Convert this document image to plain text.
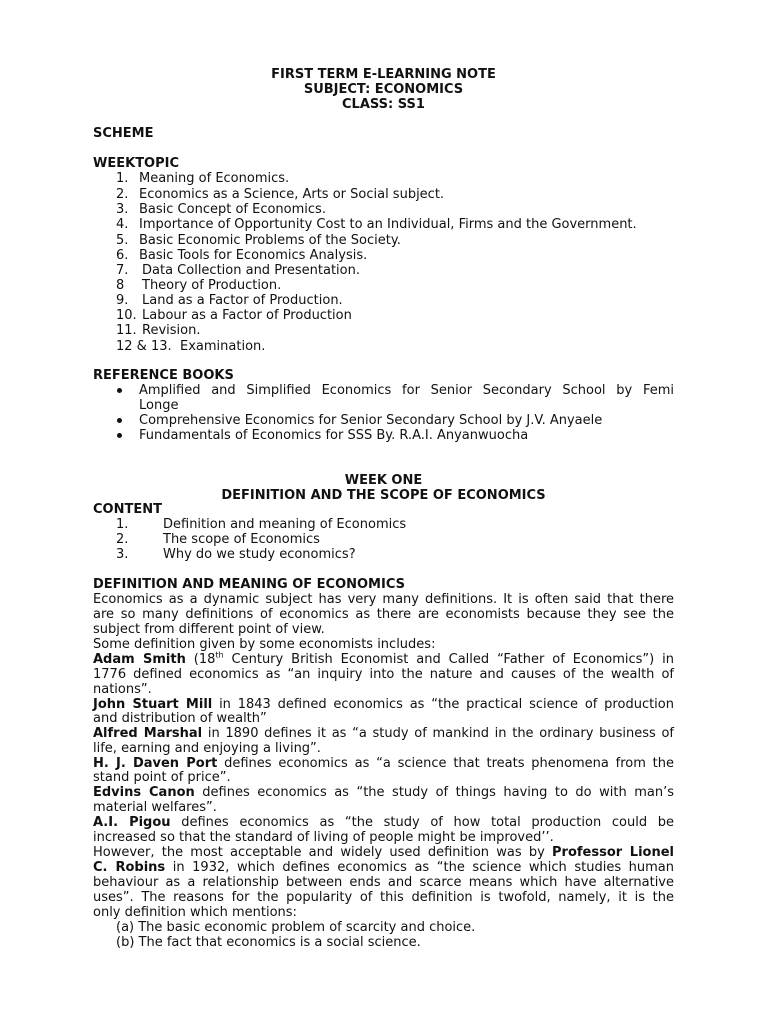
FIRST TERM E-LEARNING NOTE
SUBJECT: ECONOMICS
CLASS: SS1
SCHEME
WEEKTOPIC
1. Meaning of Economics.
2. Economics as a Science, Arts or Social subject.
3. Basic Concept of Economics.
4. Importance of Opportunity Cost to an Individual, Firms and the Government.
5. Basic Economic Problems of the Society.
6. Basic Tools for Economics Analysis.
7. Data Collection and Presentation.
8 Theory of Production.
9. Land as a Factor of Production.
10. Labour as a Factor of Production
11. Revision.
12 & 13. Examination.
REFERENCE BOOKS
Amplified and Simplified Economics for Senior Secondary School by Femi
Longe
Comprehensive Economics for Senior Secondary School by J.V. Anyaele
Fundamentals of Economics for SSS By. R.A.I. Anyanwuocha
WEEK ONE
DEFINITION AND THE SCOPE OF ECONOMICS
CONTENT
1.	Definition and meaning of Economics
2.	The scope of Economics
3.	Why do we study economics?
DEFINITION AND MEANING OF ECONOMICS
Economics as a dynamic subject has very many definitions. It is often said that there
are so many definitions of economics as there are economists because they see the
subject from different point of view.
Some definition given by some economists includes:
Adam Smith (18th Century British Economist and Called “Father of Economics”) in
1776 defined economics as “an inquiry into the nature and causes of the wealth of
nations”.
John Stuart Mill in 1843 defined economics as “the practical science of production
and distribution of wealth”
Alfred Marshal in 1890 defines it as “a study of mankind in the ordinary business of
life, earning and enjoying a living”.
H. J. Daven Port defines economics as “a science that treats phenomena from the
stand point of price”.
Edvins Canon defines economics as “the study of things having to do with man’s
material welfares”.
A.I. Pigou defines economics as “the study of how total production could be
increased so that the standard of living of people might be improved’’.
However, the most acceptable and widely used definition was by Professor Lionel
C. Robins in 1932, which defines economics as “the science which studies human
behaviour as a relationship between ends and scarce means which have alternative
uses”. The reasons for the popularity of this definition is twofold, namely, it is the
only definition which mentions:
(a) The basic economic problem of scarcity and choice.
(b) The fact that economics is a social science.
